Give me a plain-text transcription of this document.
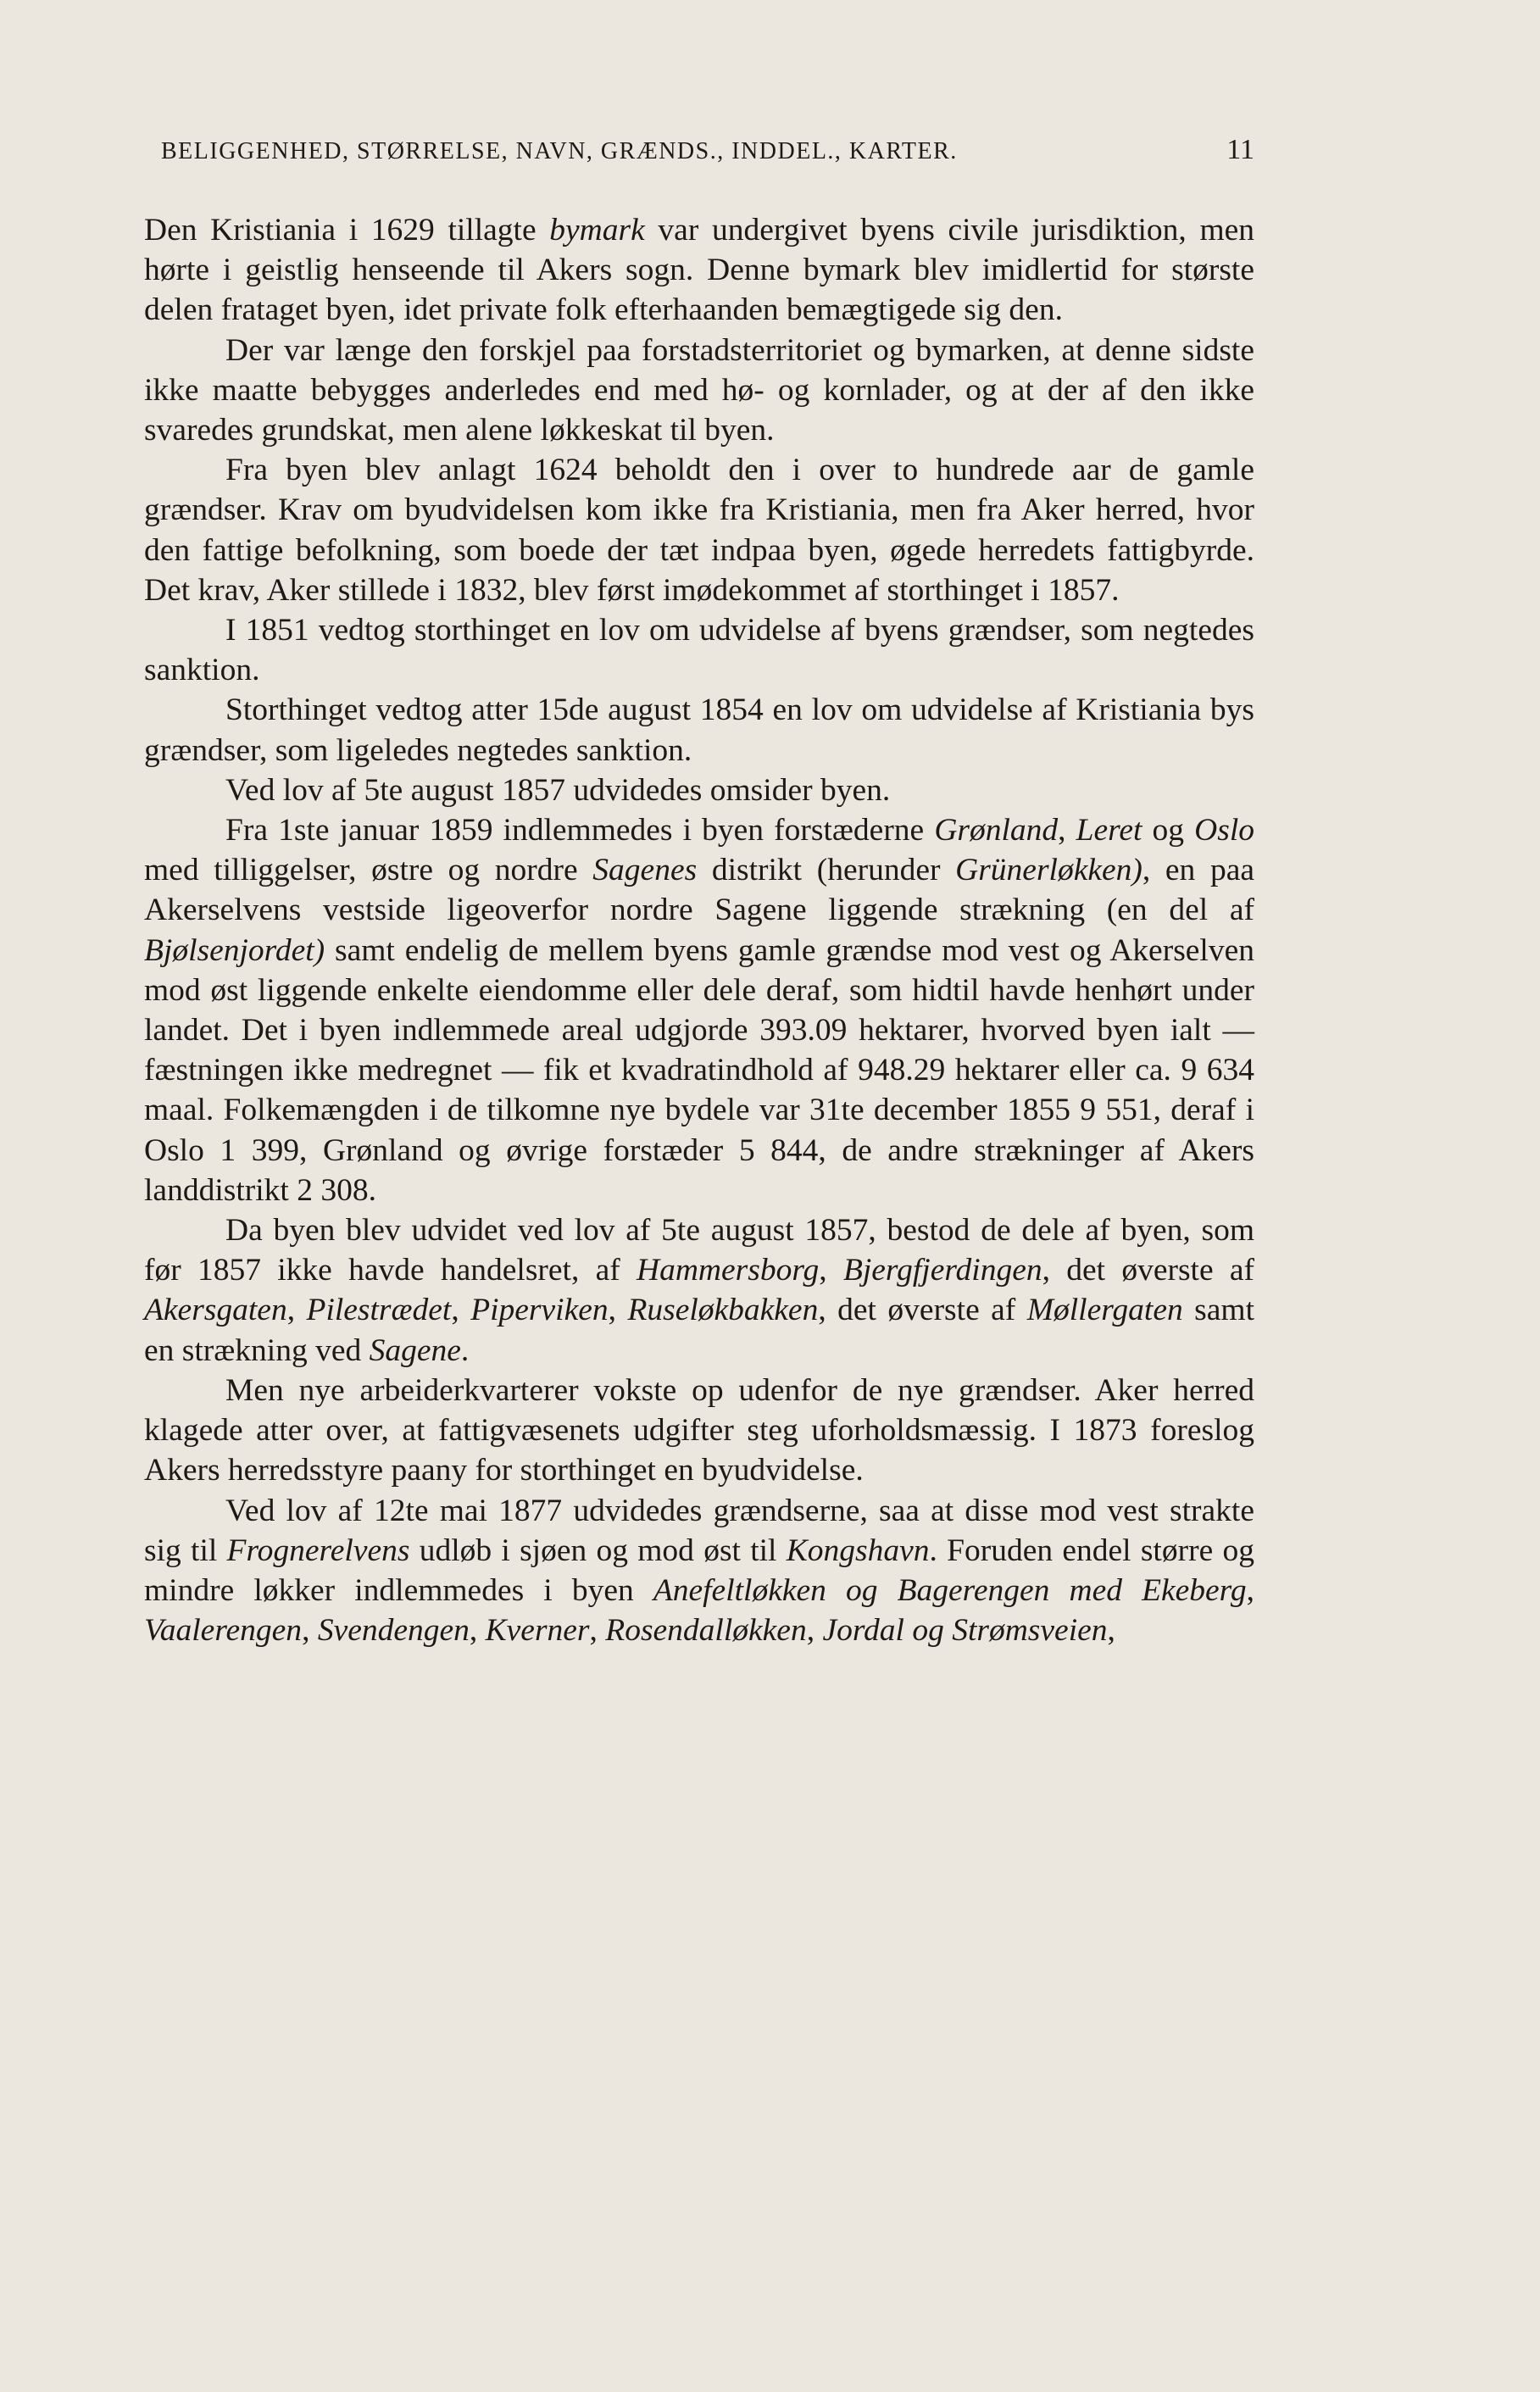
BELIGGENHED, STØRRELSE, NAVN, GRÆNDS., INDDEL., KARTER.	11

Den Kristiania i 1629 tillagte bymark var undergivet byens civile jurisdiktion, men hørte i geistlig henseende til Akers sogn. Denne bymark blev imidlertid for største delen frataget byen, idet private folk efterhaanden bemægtigede sig den.

Der var længe den forskjel paa forstadsterritoriet og bymarken, at denne sidste ikke maatte bebygges anderledes end med hø- og kornlader, og at der af den ikke svaredes grundskat, men alene løkkeskat til byen.

Fra byen blev anlagt 1624 beholdt den i over to hundrede aar de gamle grændser. Krav om byudvidelsen kom ikke fra Kristiania, men fra Aker herred, hvor den fattige befolkning, som boede der tæt indpaa byen, øgede herredets fattigbyrde. Det krav, Aker stillede i 1832, blev først imødekommet af storthinget i 1857.

I 1851 vedtog storthinget en lov om udvidelse af byens grændser, som negtedes sanktion.

Storthinget vedtog atter 15de august 1854 en lov om udvidelse af Kristiania bys grændser, som ligeledes negtedes sanktion.

Ved lov af 5te august 1857 udvidedes omsider byen.

Fra 1ste januar 1859 indlemmedes i byen forstæderne Grønland, Leret og Oslo med tilliggelser, østre og nordre Sagenes distrikt (herunder Grünerløkken), en paa Akerselvens vestside ligeoverfor nordre Sagene liggende strækning (en del af Bjølsenjordet) samt endelig de mellem byens gamle grændse mod vest og Akerselven mod øst liggende enkelte eiendomme eller dele deraf, som hidtil havde henhørt under landet. Det i byen indlemmede areal udgjorde 393.09 hektarer, hvorved byen ialt — fæstningen ikke medregnet — fik et kvadratindhold af 948.29 hektarer eller ca. 9 634 maal. Folkemængden i de tilkomne nye bydele var 31te december 1855 9 551, deraf i Oslo 1 399, Grønland og øvrige forstæder 5 844, de andre strækninger af Akers landdistrikt 2 308.

Da byen blev udvidet ved lov af 5te august 1857, bestod de dele af byen, som før 1857 ikke havde handelsret, af Hammersborg, Bjergfjerdingen, det øverste af Akersgaten, Pilestrædet, Piperviken, Ruseløkbakken, det øverste af Møllergaten samt en strækning ved Sagene.

Men nye arbeiderkvarterer vokste op udenfor de nye grændser. Aker herred klagede atter over, at fattigvæsenets udgifter steg uforholdsmæssig. I 1873 foreslog Akers herredsstyre paany for storthinget en byudvidelse.

Ved lov af 12te mai 1877 udvidedes grændserne, saa at disse mod vest strakte sig til Frognerelvens udløb i sjøen og mod øst til Kongshavn. Foruden endel større og mindre løkker indlemmedes i byen Anefeltløkken og Bagerengen med Ekeberg, Vaalerengen, Svendengen, Kverner, Rosendalløkken, Jordal og Strømsveien,
